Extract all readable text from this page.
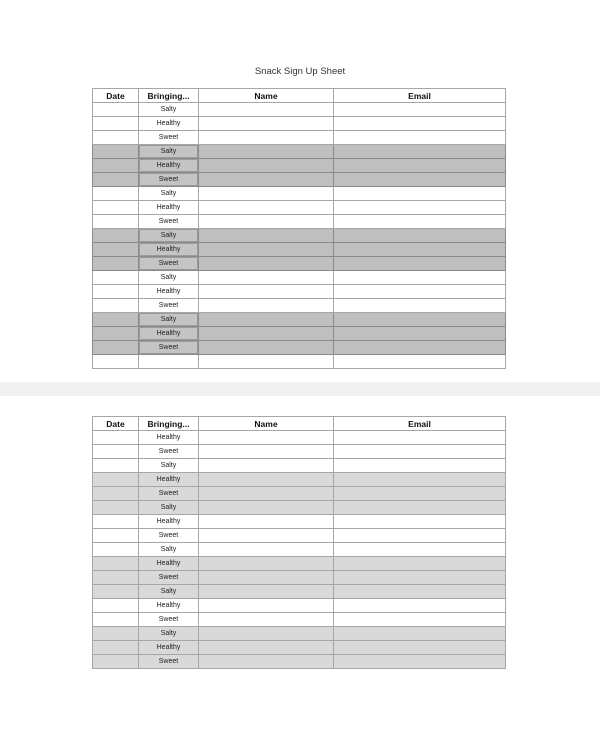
Snack Sign Up Sheet
Date	Bringing...	Name	Email
	Salty		
	Healthy		
	Sweet		
	Salty		
	Healthy		
	Sweet		
	Salty		
	Healthy		
	Sweet		
	Salty		
	Healthy		
	Sweet		
	Salty		
	Healthy		
	Sweet		
	Salty		
	Healthy		
	Sweet		

Date	Bringing...	Name	Email
	Healthy		
	Sweet		
	Salty		
	Healthy		
	Sweet		
	Salty		
	Healthy		
	Sweet		
	Salty		
	Healthy		
	Sweet		
	Salty		
	Healthy		
	Sweet		
	Salty		
	Healthy		
	Sweet		
